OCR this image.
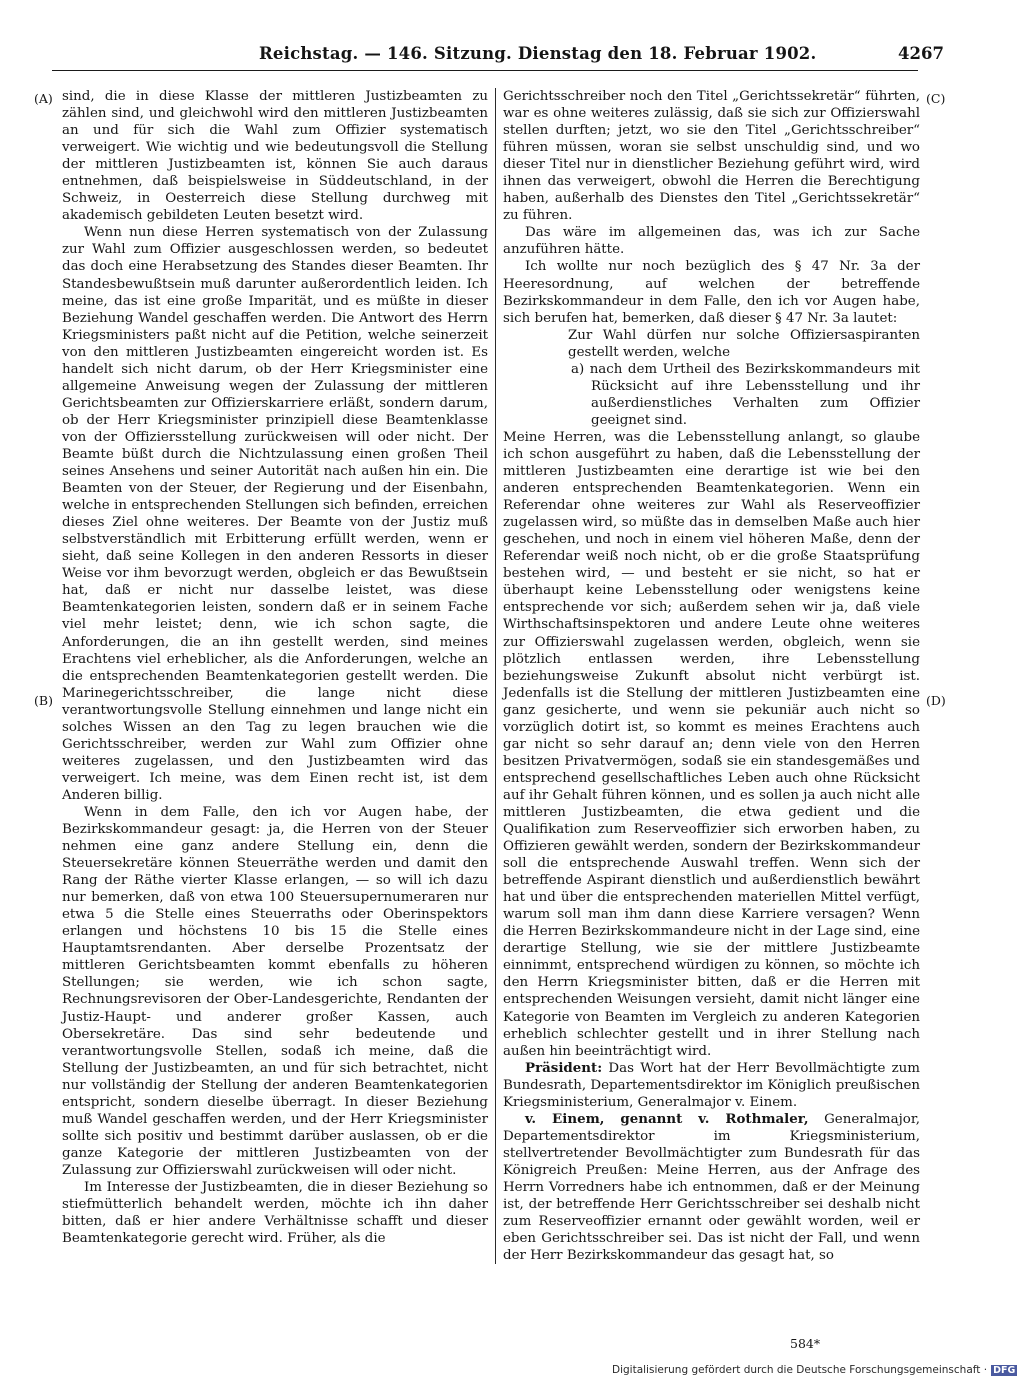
Reichstag. — 146. Sitzung. Dienstag den 18. Februar 1902.	4267
(A)
(B)
(C)
(D)

sind, die in diese Klasse der mittleren Justizbeamten zu zählen sind, und gleichwohl wird den mittleren Justizbeamten an und für sich die Wahl zum Offizier systematisch verweigert. Wie wichtig und wie bedeutungsvoll die Stellung der mittleren Justizbeamten ist, können Sie auch daraus entnehmen, daß beispielsweise in Süddeutschland, in der Schweiz, in Oesterreich diese Stellung durchweg mit akademisch gebildeten Leuten besetzt wird.

Wenn nun diese Herren systematisch von der Zulassung zur Wahl zum Offizier ausgeschlossen werden, so bedeutet das doch eine Herabsetzung des Standes dieser Beamten. Ihr Standesbewußtsein muß darunter außerordentlich leiden. Ich meine, das ist eine große Imparität, und es müßte in dieser Beziehung Wandel geschaffen werden. Die Antwort des Herrn Kriegsministers paßt nicht auf die Petition, welche seinerzeit von den mittleren Justizbeamten eingereicht worden ist. Es handelt sich nicht darum, ob der Herr Kriegsminister eine allgemeine Anweisung wegen der Zulassung der mittleren Gerichtsbeamten zur Offizierskarriere erläßt, sondern darum, ob der Herr Kriegsminister prinzipiell diese Beamtenklasse von der Offiziersstellung zurückweisen will oder nicht. Der Beamte büßt durch die Nichtzulassung einen großen Theil seines Ansehens und seiner Autorität nach außen hin ein. Die Beamten von der Steuer, der Regierung und der Eisenbahn, welche in entsprechenden Stellungen sich befinden, erreichen dieses Ziel ohne weiteres. Der Beamte von der Justiz muß selbstverständlich mit Erbitterung erfüllt werden, wenn er sieht, daß seine Kollegen in den anderen Ressorts in dieser Weise vor ihm bevorzugt werden, obgleich er das Bewußtsein hat, daß er nicht nur dasselbe leistet, was diese Beamtenkategorien leisten, sondern daß er in seinem Fache viel mehr leistet; denn, wie ich schon sagte, die Anforderungen, die an ihn gestellt werden, sind meines Erachtens viel erheblicher, als die Anforderungen, welche an die entsprechenden Beamtenkategorien gestellt werden. Die Marinegerichtsschreiber, die lange nicht diese verantwortungsvolle Stellung einnehmen und lange nicht ein solches Wissen an den Tag zu legen brauchen wie die Gerichtsschreiber, werden zur Wahl zum Offizier ohne weiteres zugelassen, und den Justizbeamten wird das verweigert. Ich meine, was dem Einen recht ist, ist dem Anderen billig.

Wenn in dem Falle, den ich vor Augen habe, der Bezirkskommandeur gesagt: ja, die Herren von der Steuer nehmen eine ganz andere Stellung ein, denn die Steuersekretäre können Steuerräthe werden und damit den Rang der Räthe vierter Klasse erlangen, — so will ich dazu nur bemerken, daß von etwa 100 Steuersupernumeraren nur etwa 5 die Stelle eines Steuerraths oder Oberinspektors erlangen und höchstens 10 bis 15 die Stelle eines Hauptamtsrendanten. Aber derselbe Prozentsatz der mittleren Gerichtsbeamten kommt ebenfalls zu höheren Stellungen; sie werden, wie ich schon sagte, Rechnungsrevisoren der Ober-Landesgerichte, Rendanten der Justiz-Haupt- und anderer großer Kassen, auch Obersekretäre. Das sind sehr bedeutende und verantwortungsvolle Stellen, sodaß ich meine, daß die Stellung der Justizbeamten, an und für sich betrachtet, nicht nur vollständig der Stellung der anderen Beamtenkategorien entspricht, sondern dieselbe überragt. In dieser Beziehung muß Wandel geschaffen werden, und der Herr Kriegsminister sollte sich positiv und bestimmt darüber auslassen, ob er die ganze Kategorie der mittleren Justizbeamten von der Zulassung zur Offizierswahl zurückweisen will oder nicht.

Im Interesse der Justizbeamten, die in dieser Beziehung so stiefmütterlich behandelt werden, möchte ich ihn daher bitten, daß er hier andere Verhältnisse schafft und dieser Beamtenkategorie gerecht wird. Früher, als die

Gerichtsschreiber noch den Titel „Gerichtssekretär“ führten, war es ohne weiteres zulässig, daß sie sich zur Offizierswahl stellen durften; jetzt, wo sie den Titel „Gerichtsschreiber“ führen müssen, woran sie selbst unschuldig sind, und wo dieser Titel nur in dienstlicher Beziehung geführt wird, wird ihnen das verweigert, obwohl die Herren die Berechtigung haben, außerhalb des Dienstes den Titel „Gerichtssekretär“ zu führen.

Das wäre im allgemeinen das, was ich zur Sache anzuführen hätte.

Ich wollte nur noch bezüglich des § 47 Nr. 3a der Heeresordnung, auf welchen der betreffende Bezirkskommandeur in dem Falle, den ich vor Augen habe, sich berufen hat, bemerken, daß dieser § 47 Nr. 3a lautet:

Zur Wahl dürfen nur solche Offiziersaspiranten gestellt werden, welche

a) nach dem Urtheil des Bezirkskommandeurs mit Rücksicht auf ihre Lebensstellung und ihr außerdienstliches Verhalten zum Offizier geeignet sind.

Meine Herren, was die Lebensstellung anlangt, so glaube ich schon ausgeführt zu haben, daß die Lebensstellung der mittleren Justizbeamten eine derartige ist wie bei den anderen entsprechenden Beamtenkategorien. Wenn ein Referendar ohne weiteres zur Wahl als Reserveoffizier zugelassen wird, so müßte das in demselben Maße auch hier geschehen, und noch in einem viel höheren Maße, denn der Referendar weiß noch nicht, ob er die große Staatsprüfung bestehen wird, — und besteht er sie nicht, so hat er überhaupt keine Lebensstellung oder wenigstens keine entsprechende vor sich; außerdem sehen wir ja, daß viele Wirthschaftsinspektoren und andere Leute ohne weiteres zur Offizierswahl zugelassen werden, obgleich, wenn sie plötzlich entlassen werden, ihre Lebensstellung beziehungsweise Zukunft absolut nicht verbürgt ist. Jedenfalls ist die Stellung der mittleren Justizbeamten eine ganz gesicherte, und wenn sie pekuniär auch nicht so vorzüglich dotirt ist, so kommt es meines Erachtens auch gar nicht so sehr darauf an; denn viele von den Herren besitzen Privatvermögen, sodaß sie ein standesgemäßes und entsprechend gesellschaftliches Leben auch ohne Rücksicht auf ihr Gehalt führen können, und es sollen ja auch nicht alle mittleren Justizbeamten, die etwa gedient und die Qualifikation zum Reserveoffizier sich erworben haben, zu Offizieren gewählt werden, sondern der Bezirkskommandeur soll die entsprechende Auswahl treffen. Wenn sich der betreffende Aspirant dienstlich und außerdienstlich bewährt hat und über die entsprechenden materiellen Mittel verfügt, warum soll man ihm dann diese Karriere versagen? Wenn die Herren Bezirkskommandeure nicht in der Lage sind, eine derartige Stellung, wie sie der mittlere Justizbeamte einnimmt, entsprechend würdigen zu können, so möchte ich den Herrn Kriegsminister bitten, daß er die Herren mit entsprechenden Weisungen versieht, damit nicht länger eine Kategorie von Beamten im Vergleich zu anderen Kategorien erheblich schlechter gestellt und in ihrer Stellung nach außen hin beeinträchtigt wird.

Präsident: Das Wort hat der Herr Bevollmächtigte zum Bundesrath, Departementsdirektor im Königlich preußischen Kriegsministerium, Generalmajor v. Einem.

v. Einem, genannt v. Rothmaler, Generalmajor, Departementsdirektor im Kriegsministerium, stellvertretender Bevollmächtigter zum Bundesrath für das Königreich Preußen: Meine Herren, aus der Anfrage des Herrn Vorredners habe ich entnommen, daß er der Meinung ist, der betreffende Herr Gerichtsschreiber sei deshalb nicht zum Reserveoffizier ernannt oder gewählt worden, weil er eben Gerichtsschreiber sei. Das ist nicht der Fall, und wenn der Herr Bezirkskommandeur das gesagt hat, so

584*
Digitalisierung gefördert durch die Deutsche Forschungsgemeinschaft · DFG
